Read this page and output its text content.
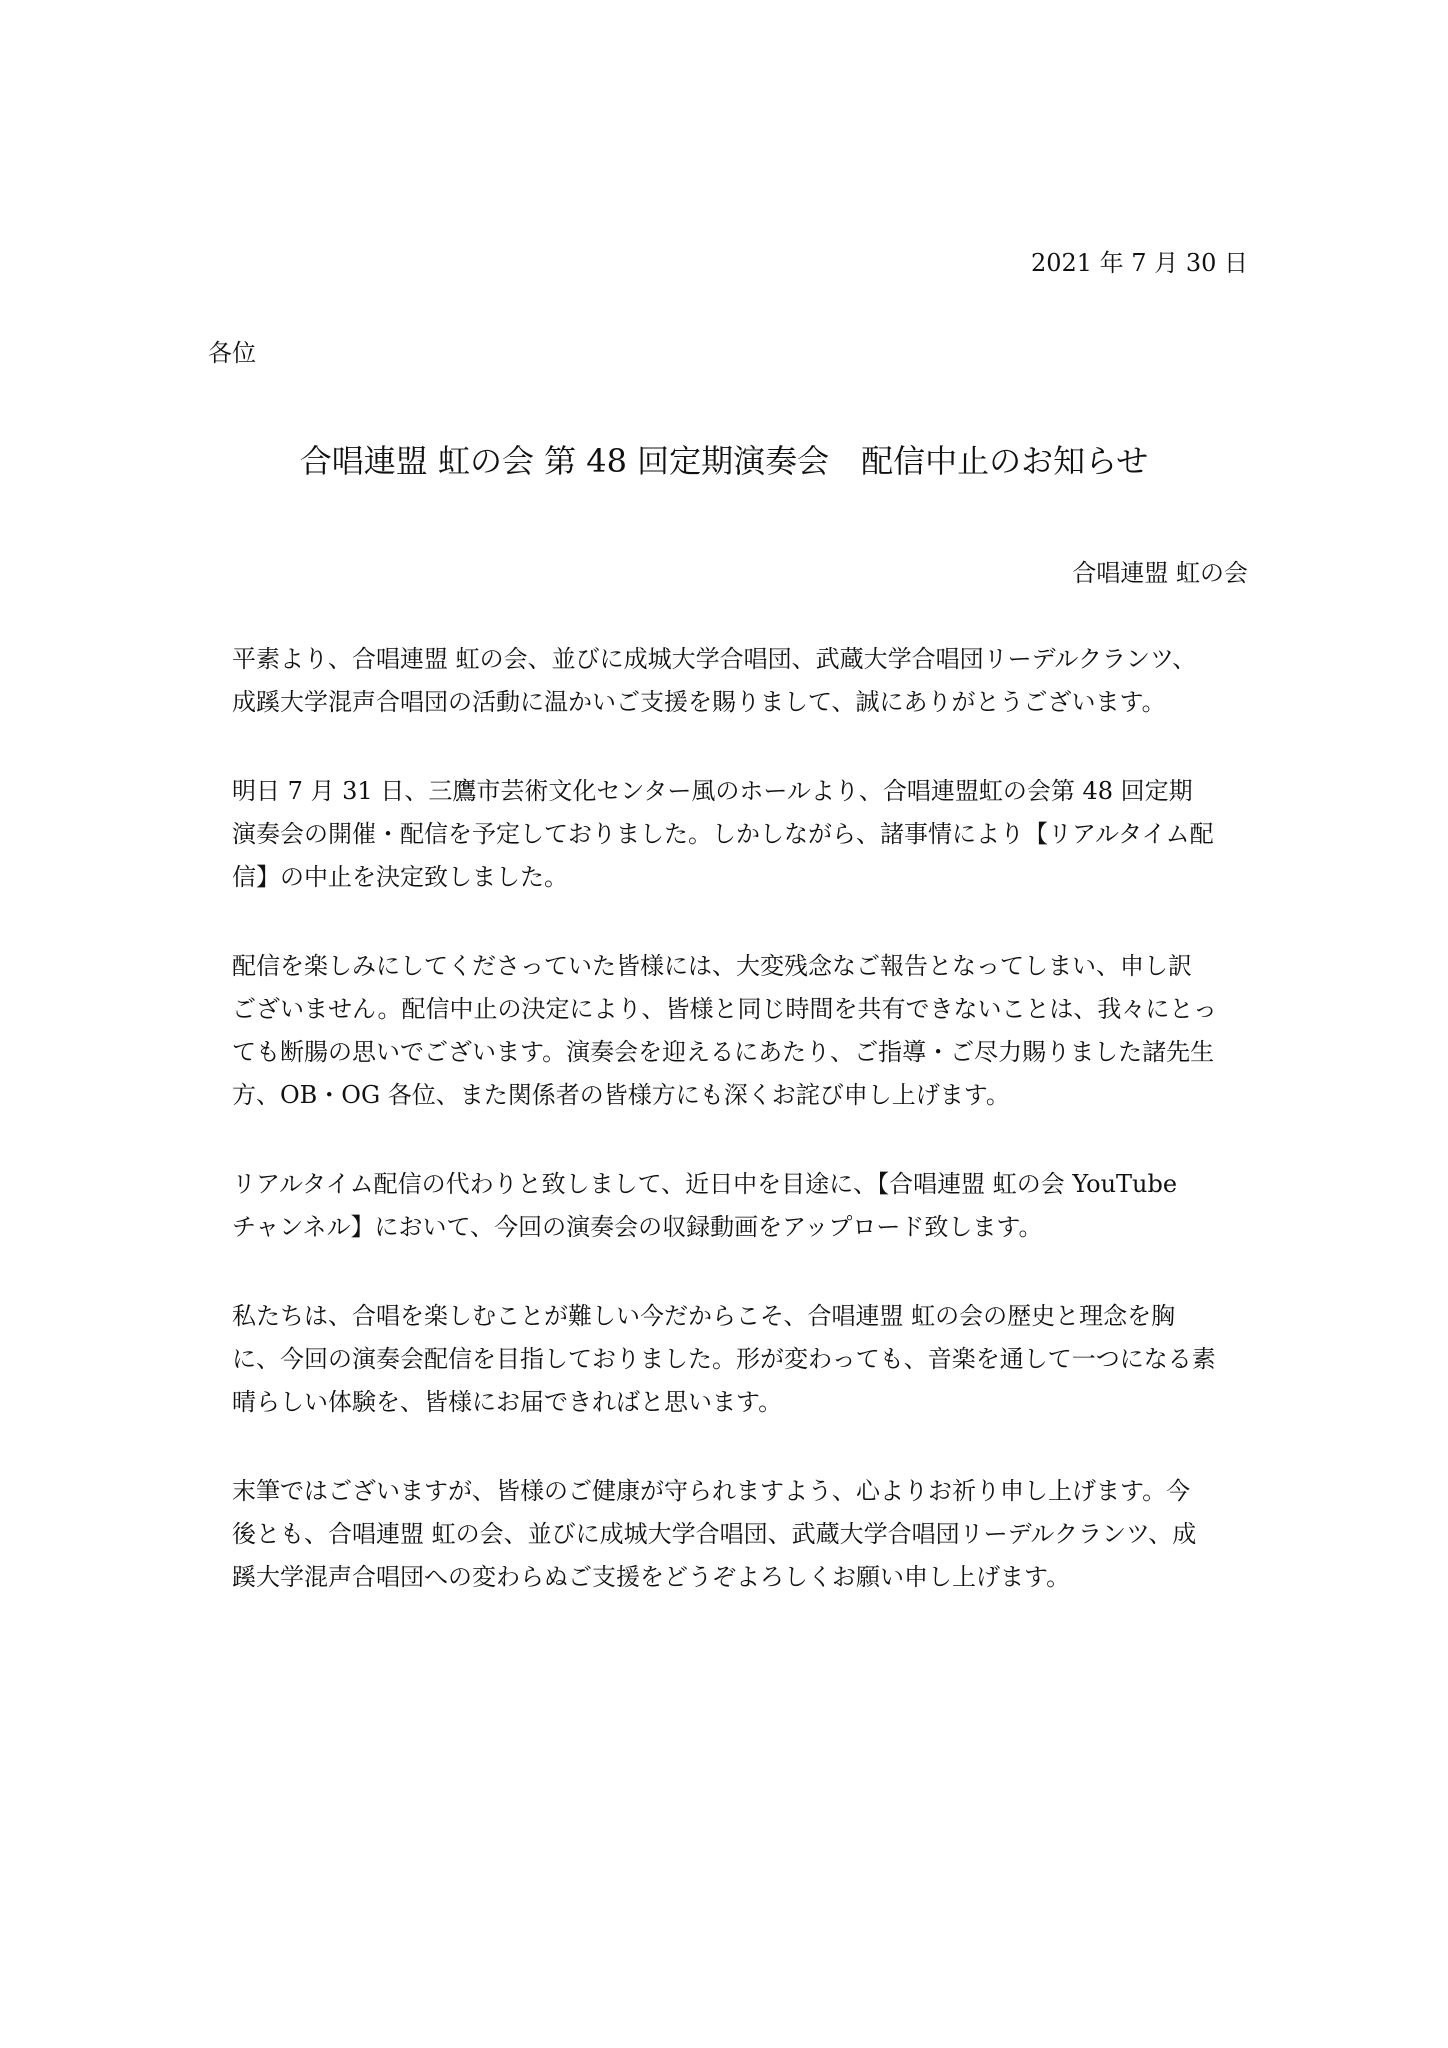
2021 年 7 月 30 日
各位
合唱連盟 虹の会 第 48 回定期演奏会　配信中止のお知らせ
合唱連盟 虹の会

平素より、合唱連盟 虹の会、並びに成城大学合唱団、武蔵大学合唱団リーデルクランツ、
成蹊大学混声合唱団の活動に温かいご支援を賜りまして、誠にありがとうございます。

明日 7 月 31 日、三鷹市芸術文化センター風のホールより、合唱連盟虹の会第 48 回定期
演奏会の開催・配信を予定しておりました。しかしながら、諸事情により【リアルタイム配
信】の中止を決定致しました。

配信を楽しみにしてくださっていた皆様には、大変残念なご報告となってしまい、申し訳
ございません。配信中止の決定により、皆様と同じ時間を共有できないことは、我々にとっ
ても断腸の思いでございます。演奏会を迎えるにあたり、ご指導・ご尽力賜りました諸先生
方、OB・OG 各位、また関係者の皆様方にも深くお詫び申し上げます。

リアルタイム配信の代わりと致しまして、近日中を目途に、【合唱連盟 虹の会 YouTube
チャンネル】において、今回の演奏会の収録動画をアップロード致します。

私たちは、合唱を楽しむことが難しい今だからこそ、合唱連盟 虹の会の歴史と理念を胸
に、今回の演奏会配信を目指しておりました。形が変わっても、音楽を通して一つになる素
晴らしい体験を、皆様にお届できればと思います。

末筆ではございますが、皆様のご健康が守られますよう、心よりお祈り申し上げます。今
後とも、合唱連盟 虹の会、並びに成城大学合唱団、武蔵大学合唱団リーデルクランツ、成
蹊大学混声合唱団への変わらぬご支援をどうぞよろしくお願い申し上げます。
